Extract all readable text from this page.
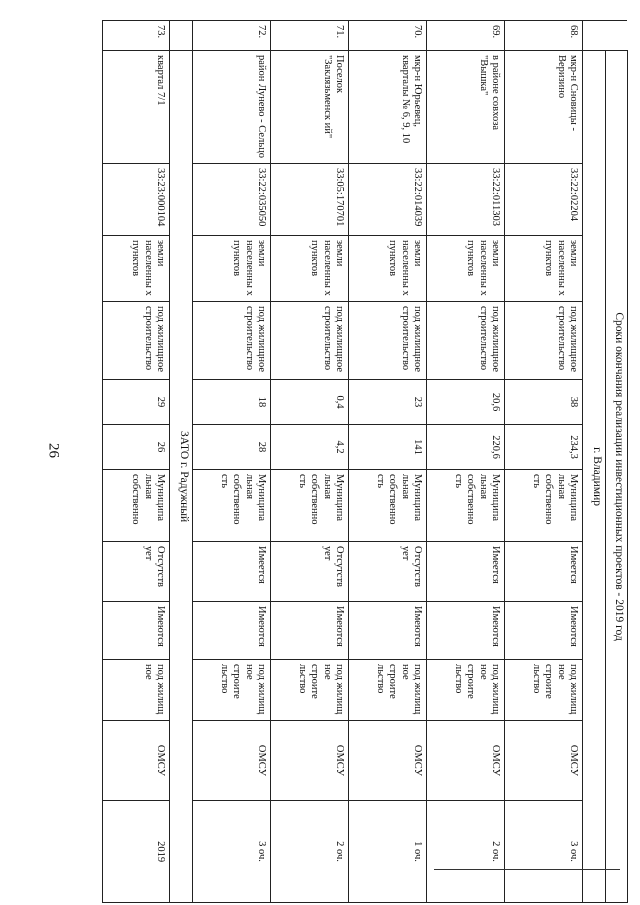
26
		Сроки окончания реализации инвестиционных проектов - 2019 год											
	г. Владимир											
68.	мкр-н Сновицы - Веризино	33:22:02204	земли населенны х пунктов	под жилищное строительство	38	234,3	Муниципа льная собственно сть	Имеется	Имеются	под жилищ ное строите льство	ОМСУ	3 оч.
69.	в районе совхоза "Вышка"	33:22:011303	земли населенны х пунктов	под жилищное строительство	20,6	220,6	Муниципа льная собственно сть	Имеется	Имеются	под жилищ ное строите льство	ОМСУ	2 оч.
70.	мкр-н Юрьевец, кварталы № 6, 9, 10	33:22:014039	земли населенны х пунктов	под жилищное строительство	23	141	Муниципа льная собственно сть	Отсутств ует	Имеются	под жилищ ное строите льство	ОМСУ	1 оч.
71.	Поселок "Заклязьменск ий"	33:05:170701	земли населенны х пунктов	под жилищное строительство	0,4	4,2	Муниципа льная собственно сть	Отсутств ует	Имеются	под жилищ ное строите льство	ОМСУ	2 оч.
72.	район Лунево - Сельцо	33:22:035050	земли населенны х пунктов	под жилищное строительство	18	28	Муниципа льная собственно сть	Имеется	Имеются	под жилищ ное строите льство	ОМСУ	3 оч.
	ЗАТО г. Радужный											
73.	квартал 7/1	33:23:000104	земли населенны х пунктов	под жилищное строительство	29	26	Муниципа льная собственно	Отсутств ует	Имеются	под жилищ ное	ОМСУ	2019
